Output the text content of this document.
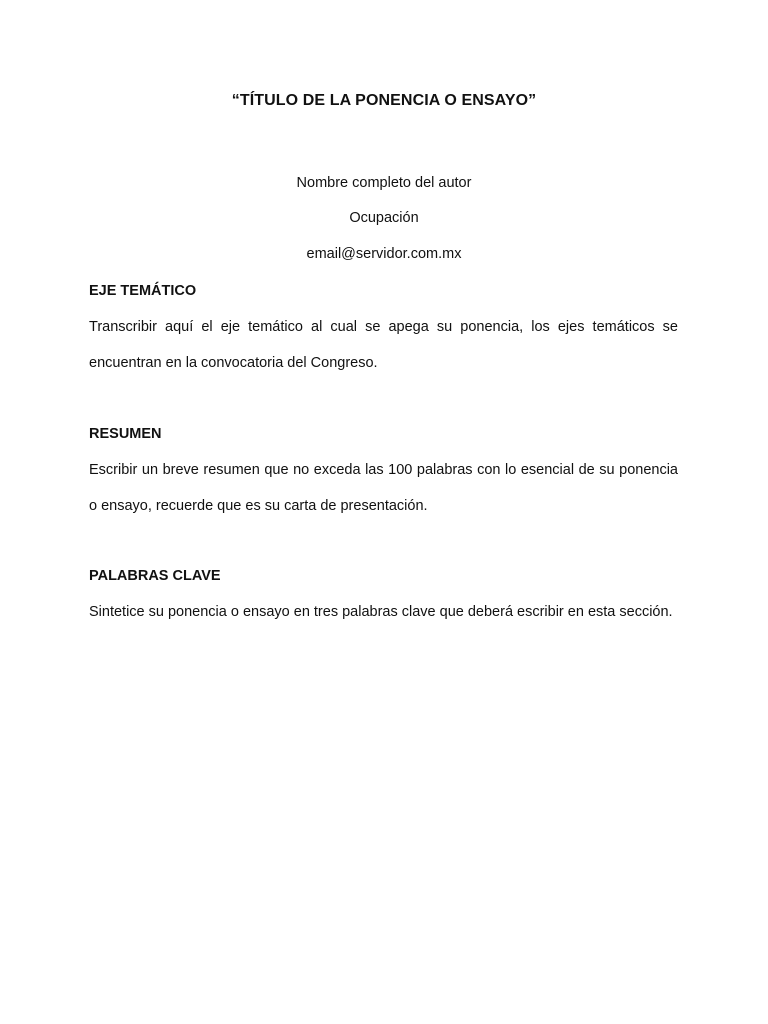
“TÍTULO DE LA PONENCIA O ENSAYO”
Nombre completo del autor
Ocupación
email@servidor.com.mx

EJE TEMÁTICO

Transcribir aquí el eje temático al cual se apega su ponencia, los ejes temáticos se encuentran en la convocatoria del Congreso.

RESUMEN

Escribir un breve resumen que no exceda las 100 palabras con lo esencial de su ponencia o ensayo, recuerde que es su carta de presentación.

PALABRAS CLAVE

Sintetice su ponencia o ensayo en tres palabras clave que deberá escribir en esta sección.
